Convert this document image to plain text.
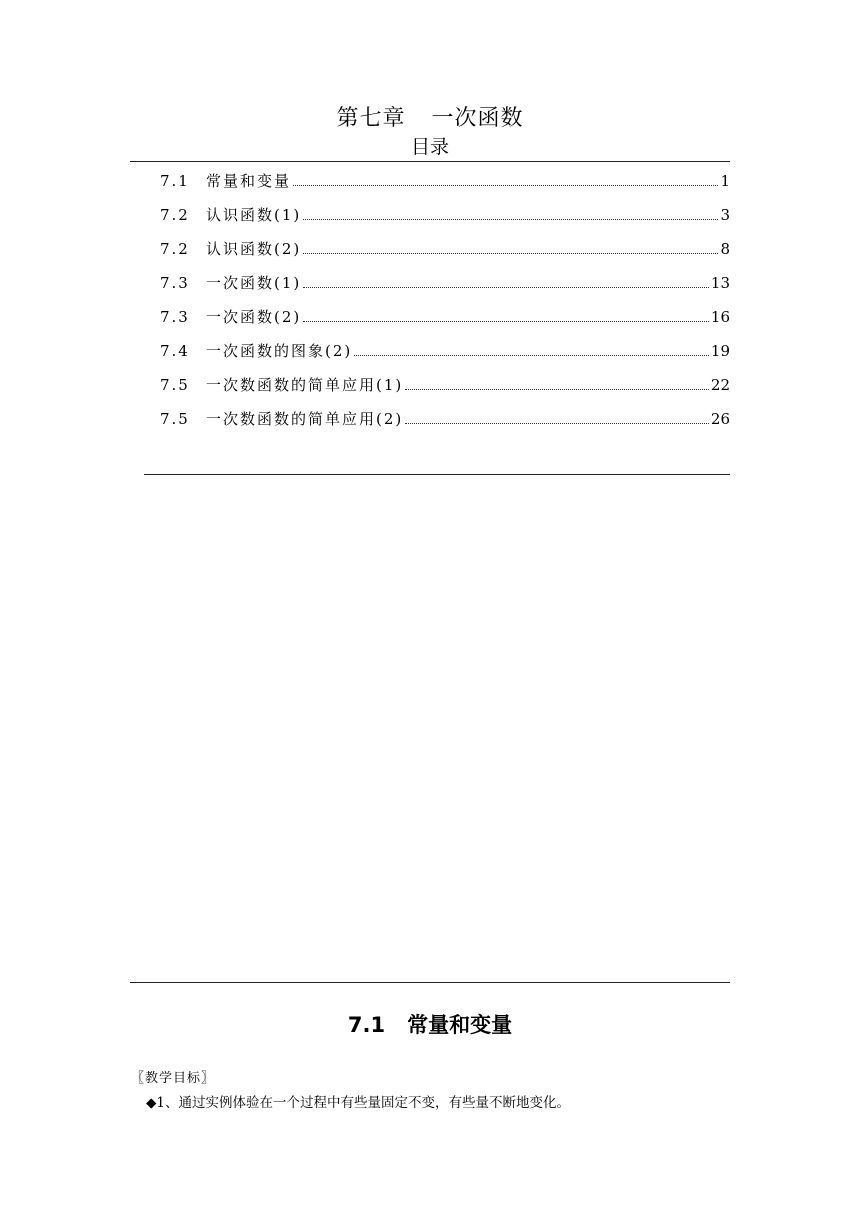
第七章 一次函数
目录
7.1	常量和变量	1
7.2	认识函数(1)	3
7.2	认识函数(2)	8
7.3	一次函数(1)	13
7.3	一次函数(2)	16
7.4	一次函数的图象(2)	19
7.5	一次数函数的简单应用(1)	22
7.5	一次数函数的简单应用(2)	26
7.1 常量和变量
〖教学目标〗
◆1、通过实例体验在一个过程中有些量固定不变，有些量不断地变化。
